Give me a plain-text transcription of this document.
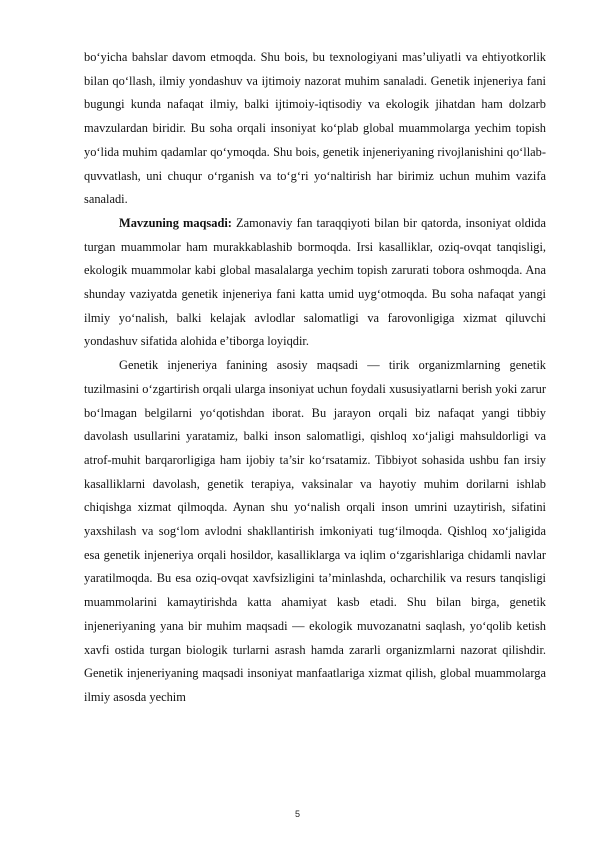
bo‘yicha bahslar davom etmoqda. Shu bois, bu texnologiyani mas’uliyatli va ehtiyotkorlik bilan qo‘llash, ilmiy yondashuv va ijtimoiy nazorat muhim sanaladi. Genetik injeneriya fani bugungi kunda nafaqat ilmiy, balki ijtimoiy-iqtisodiy va ekologik jihatdan ham dolzarb mavzulardan biridir. Bu soha orqali insoniyat ko‘plab global muammolarga yechim topish yo‘lida muhim qadamlar qo‘ymoqda. Shu bois, genetik injeneriyaning rivojlanishini qo‘llab-quvvatlash, uni chuqur o‘rganish va to‘g‘ri yo‘naltirish har birimiz uchun muhim vazifa sanaladi.

Mavzuning maqsadi: Zamonaviy fan taraqqiyoti bilan bir qatorda, insoniyat oldida turgan muammolar ham murakkablashib bormoqda. Irsi kasalliklar, oziq-ovqat tanqisligi, ekologik muammolar kabi global masalalarga yechim topish zarurati tobora oshmoqda. Ana shunday vaziyatda genetik injeneriya fani katta umid uyg‘otmoqda. Bu soha nafaqat yangi ilmiy yo‘nalish, balki kelajak avlodlar salomatligi va farovonligiga xizmat qiluvchi yondashuv sifatida alohida e’tiborga loyiqdir.

Genetik injeneriya fanining asosiy maqsadi — tirik organizmlarning genetik tuzilmasini o‘zgartirish orqali ularga insoniyat uchun foydali xususiyatlarni berish yoki zarur bo‘lmagan belgilarni yo‘qotishdan iborat. Bu jarayon orqali biz nafaqat yangi tibbiy davolash usullarini yaratamiz, balki inson salomatligi, qishloq xo‘jaligi mahsuldorligi va atrof-muhit barqarorligiga ham ijobiy ta’sir ko‘rsatamiz. Tibbiyot sohasida ushbu fan irsiy kasalliklarni davolash, genetik terapiya, vaksinalar va hayotiy muhim dorilarni ishlab chiqishga xizmat qilmoqda. Aynan shu yo‘nalish orqali inson umrini uzaytirish, sifatini yaxshilash va sog‘lom avlodni shakllantirish imkoniyati tug‘ilmoqda. Qishloq xo‘jaligida esa genetik injeneriya orqali hosildor, kasalliklarga va iqlim o‘zgarishlariga chidamli navlar yaratilmoqda. Bu esa oziq-ovqat xavfsizligini ta’minlashda, ocharchilik va resurs tanqisligi muammolarini kamaytirishda katta ahamiyat kasb etadi. Shu bilan birga, genetik injeneriyaning yana bir muhim maqsadi — ekologik muvozanatni saqlash, yo‘qolib ketish xavfi ostida turgan biologik turlarni asrash hamda zararli organizmlarni nazorat qilishdir. Genetik injeneriyaning maqsadi insoniyat manfaatlariga xizmat qilish, global muammolarga ilmiy asosda yechim

5
